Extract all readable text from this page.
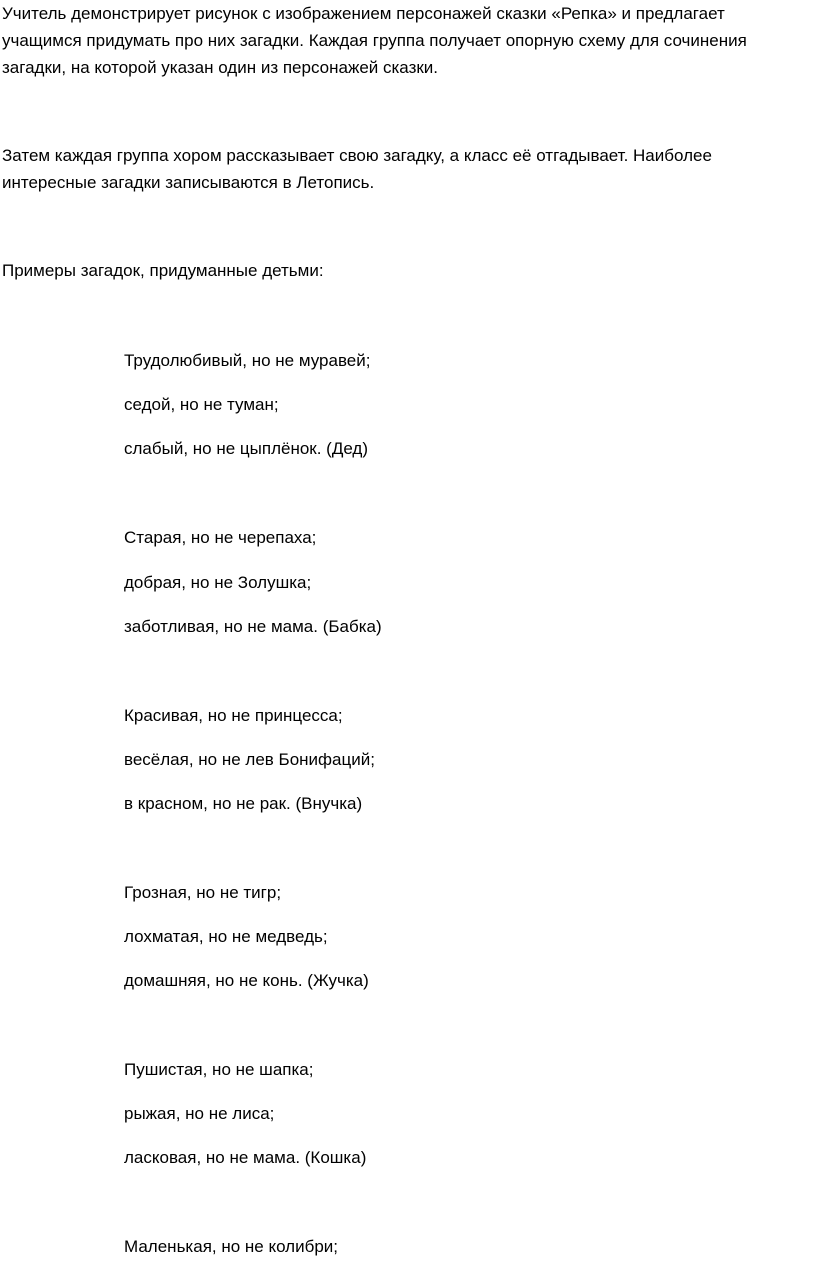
Учитель демонстрирует рисунок с изображением персонажей сказки «Репка» и предлагает учащимся придумать про них загадки. Каждая группа получает опорную схему для сочинения загадки, на которой указан один из персонажей сказки.

Затем каждая группа хором рассказывает свою загадку, а класс её отгадывает. Наиболее интересные загадки записываются в Летопись.

Примеры загадок, придуманные детьми:

Трудолюбивый, но не муравей;

седой, но не туман;

слабый, но не цыплёнок. (Дед)

Старая, но не черепаха;

добрая, но не Золушка;

заботливая, но не мама. (Бабка)

Красивая, но не принцесса;

весёлая, но не лев Бонифаций;

в красном, но не рак. (Внучка)

Грозная, но не тигр;

лохматая, но не медведь;

домашняя, но не конь. (Жучка)

Пушистая, но не шапка;

рыжая, но не лиса;

ласковая, но не мама. (Кошка)

Маленькая, но не колибри;
